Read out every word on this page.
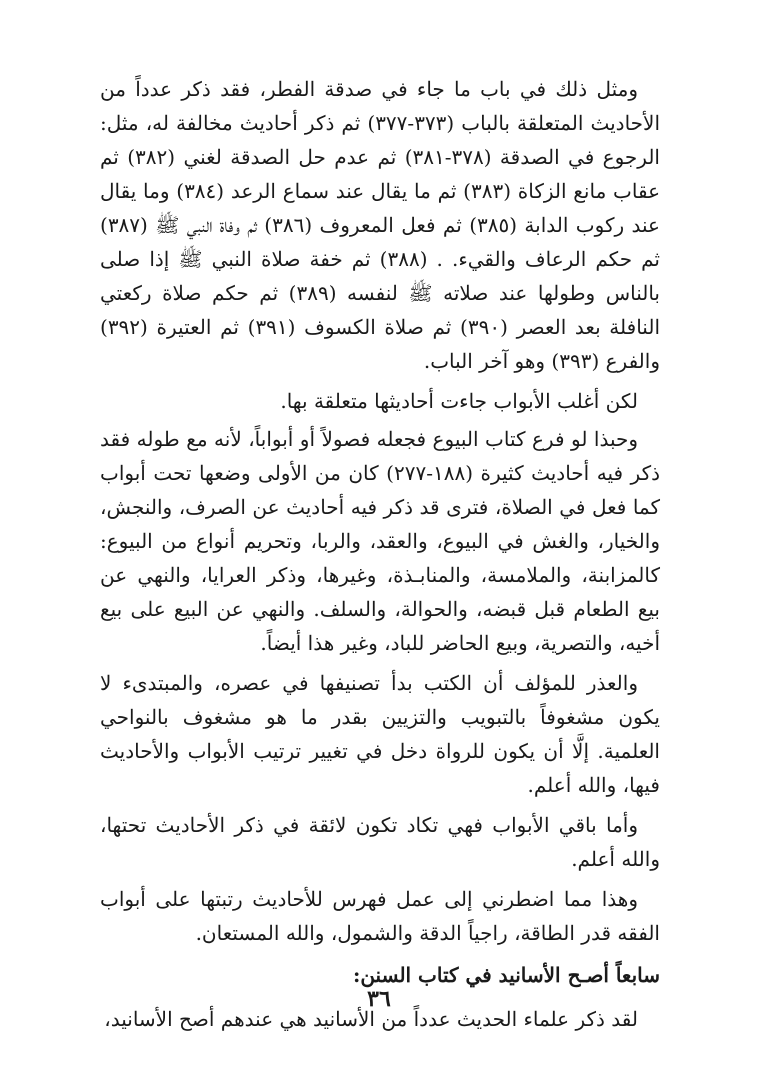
ومثل ذلك في باب ما جاء في صدقة الفطر، فقد ذكر عدداً من الأحاديث المتعلقة بالباب (٣٧٣-٣٧٧) ثم ذكر أحاديث مخالفة له، مثل: الرجوع في الصدقة (٣٧٨-٣٨١) ثم عدم حل الصدقة لغني (٣٨٢) ثم عقاب مانع الزكاة (٣٨٣) ثم ما يقال عند سماع الرعد (٣٨٤) وما يقال عند ركوب الدابة (٣٨٥) ثم فعل المعروف (٣٨٦) ثم وفاة النبي ﷺ (٣٨٧) ثم حكم الرعاف والقيء. . (٣٨٨) ثم خفة صلاة النبي ﷺ إذا صلى بالناس وطولها عند صلاته ﷺ لنفسه (٣٨٩) ثم حكم صلاة ركعتي النافلة بعد العصر (٣٩٠) ثم صلاة الكسوف (٣٩١) ثم العتيرة (٣٩٢) والفرع (٣٩٣) وهو آخر الباب.

لكن أغلب الأبواب جاءت أحاديثها متعلقة بها.

وحبذا لو فرع كتاب البيوع فجعله فصولاً أو أبواباً، لأنه مع طوله فقد ذكر فيه أحاديث كثيرة (١٨٨-٢٧٧) كان من الأولى وضعها تحت أبواب كما فعل في الصلاة، فترى قد ذكر فيه أحاديث عن الصرف، والنجش، والخيار، والغش في البيوع، والعقد، والربا، وتحريم أنواع من البيوع: كالمزابنة، والملامسة، والمنابـذة، وغيرها، وذكر العرايا، والنهي عن بيع الطعام قبل قبضه، والحوالة، والسلف. والنهي عن البيع على بيع أخيه، والتصرية، وبيع الحاضر للباد، وغير هذا أيضاً.

والعذر للمؤلف أن الكتب بدأ تصنيفها في عصره، والمبتدىء لا يكون مشغوفاً بالتبويب والتزيين بقدر ما هو مشغوف بالنواحي العلمية. إلَّا أن يكون للرواة دخل في تغيير ترتيب الأبواب والأحاديث فيها، والله أعلم.

وأما باقي الأبواب فهي تكاد تكون لائقة في ذكر الأحاديث تحتها، والله أعلم.

وهذا مما اضطرني إلى عمل فهرس للأحاديث رتبتها على أبواب الفقه قدر الطاقة، راجياً الدقة والشمول، والله المستعان.

سابعاً أصـح الأسانيد في كتاب السنن:

لقد ذكر علماء الحديث عدداً من الأسانيد هي عندهم أصح الأسانيد،

٣٦
